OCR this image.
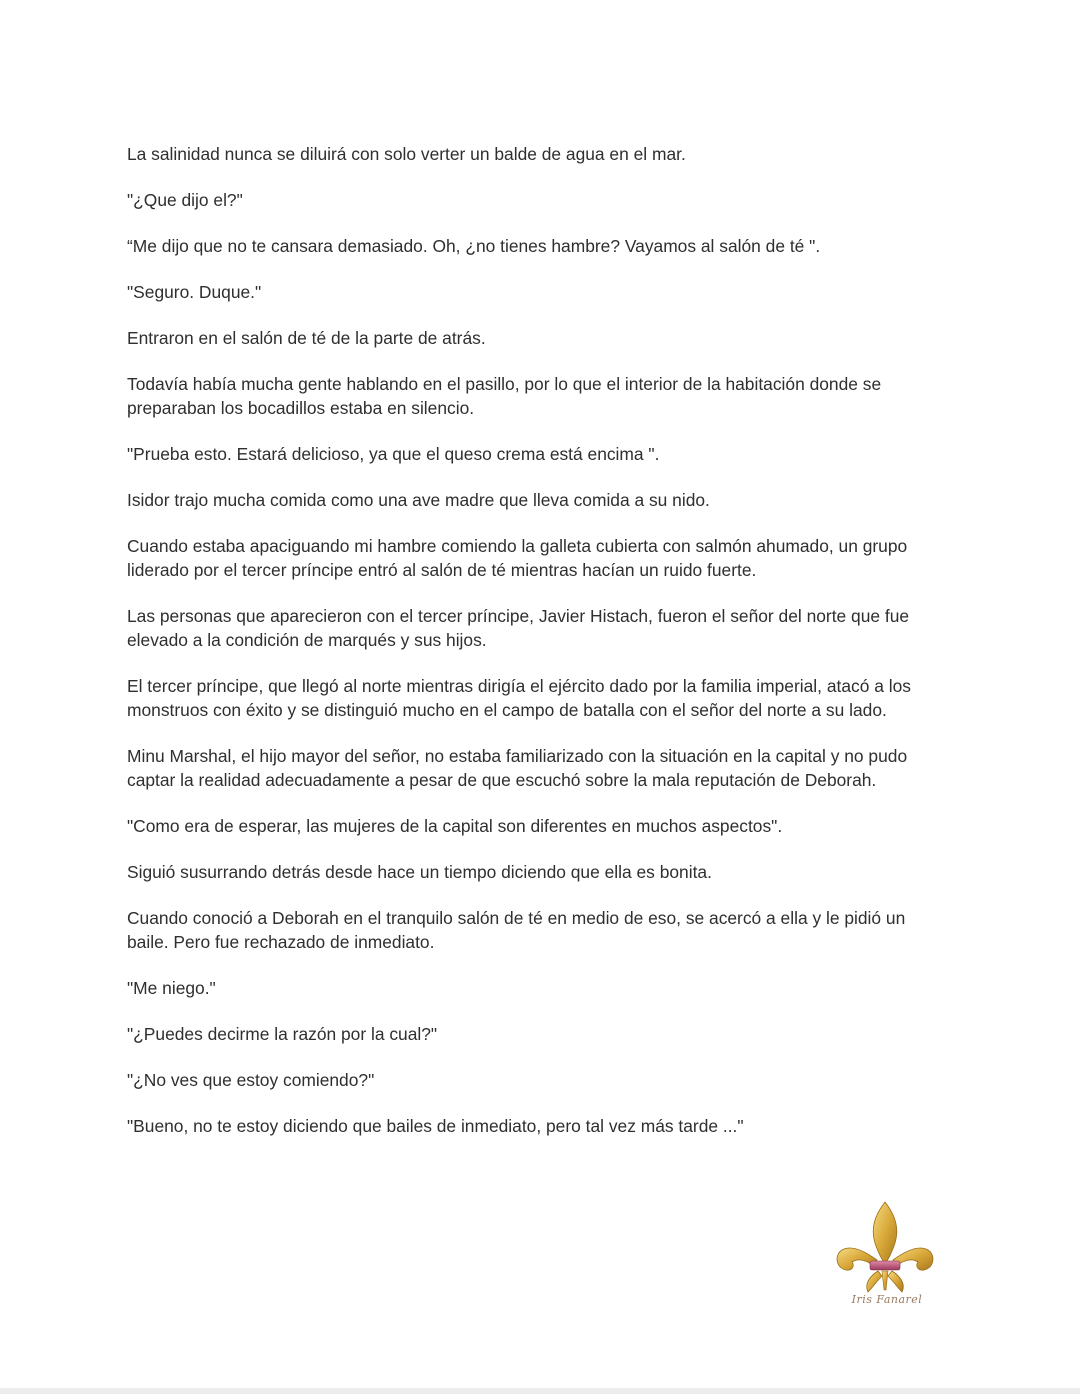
La salinidad nunca se diluirá con solo verter un balde de agua en el mar.

"¿Que dijo el?"

“Me dijo que no te cansara demasiado. Oh, ¿no tienes hambre? Vayamos al salón de té ".

"Seguro. Duque."

Entraron en el salón de té de la parte de atrás.

Todavía había mucha gente hablando en el pasillo, por lo que el interior de la habitación donde se preparaban los bocadillos estaba en silencio.

"Prueba esto. Estará delicioso, ya que el queso crema está encima ".

Isidor trajo mucha comida como una ave madre que lleva comida a su nido.

Cuando estaba apaciguando mi hambre comiendo la galleta cubierta con salmón ahumado, un grupo liderado por el tercer príncipe entró al salón de té mientras hacían un ruido fuerte.

Las personas que aparecieron con el tercer príncipe, Javier Histach, fueron el señor del norte que fue elevado a la condición de marqués y sus hijos.

El tercer príncipe, que llegó al norte mientras dirigía el ejército dado por la familia imperial, atacó a los monstruos con éxito y se distinguió mucho en el campo de batalla con el señor del norte a su lado.

Minu Marshal, el hijo mayor del señor, no estaba familiarizado con la situación en la capital y no pudo captar la realidad adecuadamente a pesar de que escuchó sobre la mala reputación de Deborah.

"Como era de esperar, las mujeres de la capital son diferentes en muchos aspectos".

Siguió susurrando detrás desde hace un tiempo diciendo que ella es bonita.

Cuando conoció a Deborah en el tranquilo salón de té en medio de eso, se acercó a ella y le pidió un baile. Pero fue rechazado de inmediato.

"Me niego."

"¿Puedes decirme la razón por la cual?"

"¿No ves que estoy comiendo?"

"Bueno, no te estoy diciendo que bailes de inmediato, pero tal vez más tarde ..."

Iris Fanarel
